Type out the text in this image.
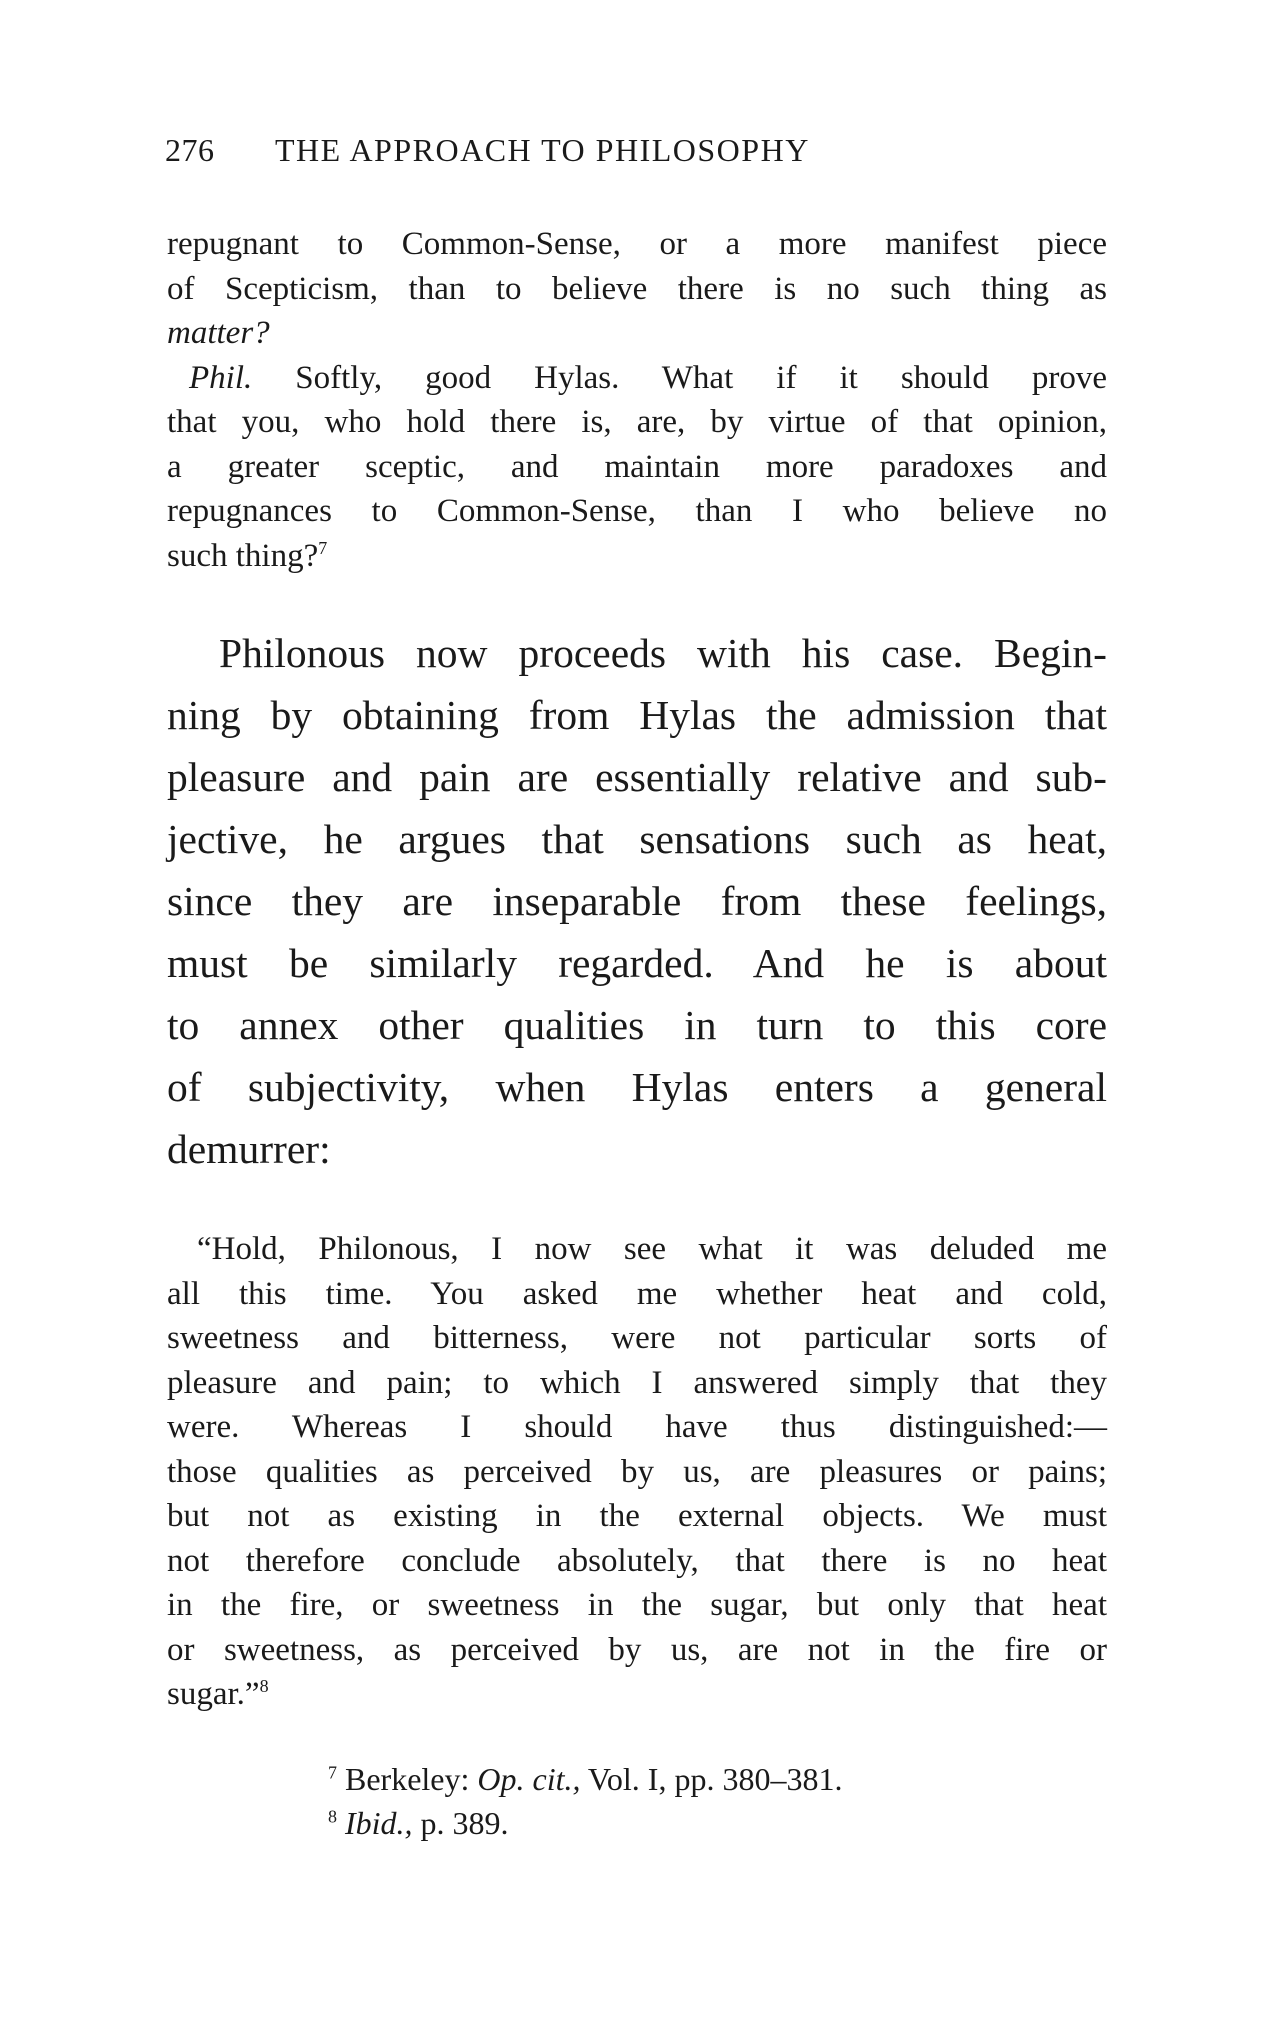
276 THE APPROACH TO PHILOSOPHY
repugnant to Common-Sense, or a more manifest piece
of Scepticism, than to believe there is no such thing as
matter?
Phil. Softly, good Hylas. What if it should prove
that you, who hold there is, are, by virtue of that opinion,
a greater sceptic, and maintain more paradoxes and
repugnances to Common-Sense, than I who believe no
such thing?$^7$
Philonous now proceeds with his case. Begin-
ning by obtaining from Hylas the admission that
pleasure and pain are essentially relative and sub-
jective, he argues that sensations such as heat,
since they are inseparable from these feelings,
must be similarly regarded. And he is about
to annex other qualities in turn to this core
of subjectivity, when Hylas enters a general
demurrer:
“Hold, Philonous, I now see what it was deluded me
all this time. You asked me whether heat and cold,
sweetness and bitterness, were not particular sorts of
pleasure and pain; to which I answered simply that they
were. Whereas I should have thus distinguished:—
those qualities as perceived by us, are pleasures or pains;
but not as existing in the external objects. We must
not therefore conclude absolutely, that there is no heat
in the fire, or sweetness in the sugar, but only that heat
or sweetness, as perceived by us, are not in the fire or
sugar.”$^8$
$^7$ Berkeley: Op. cit., Vol. I, pp. 380–381.
$^8$ Ibid., p. 389.
